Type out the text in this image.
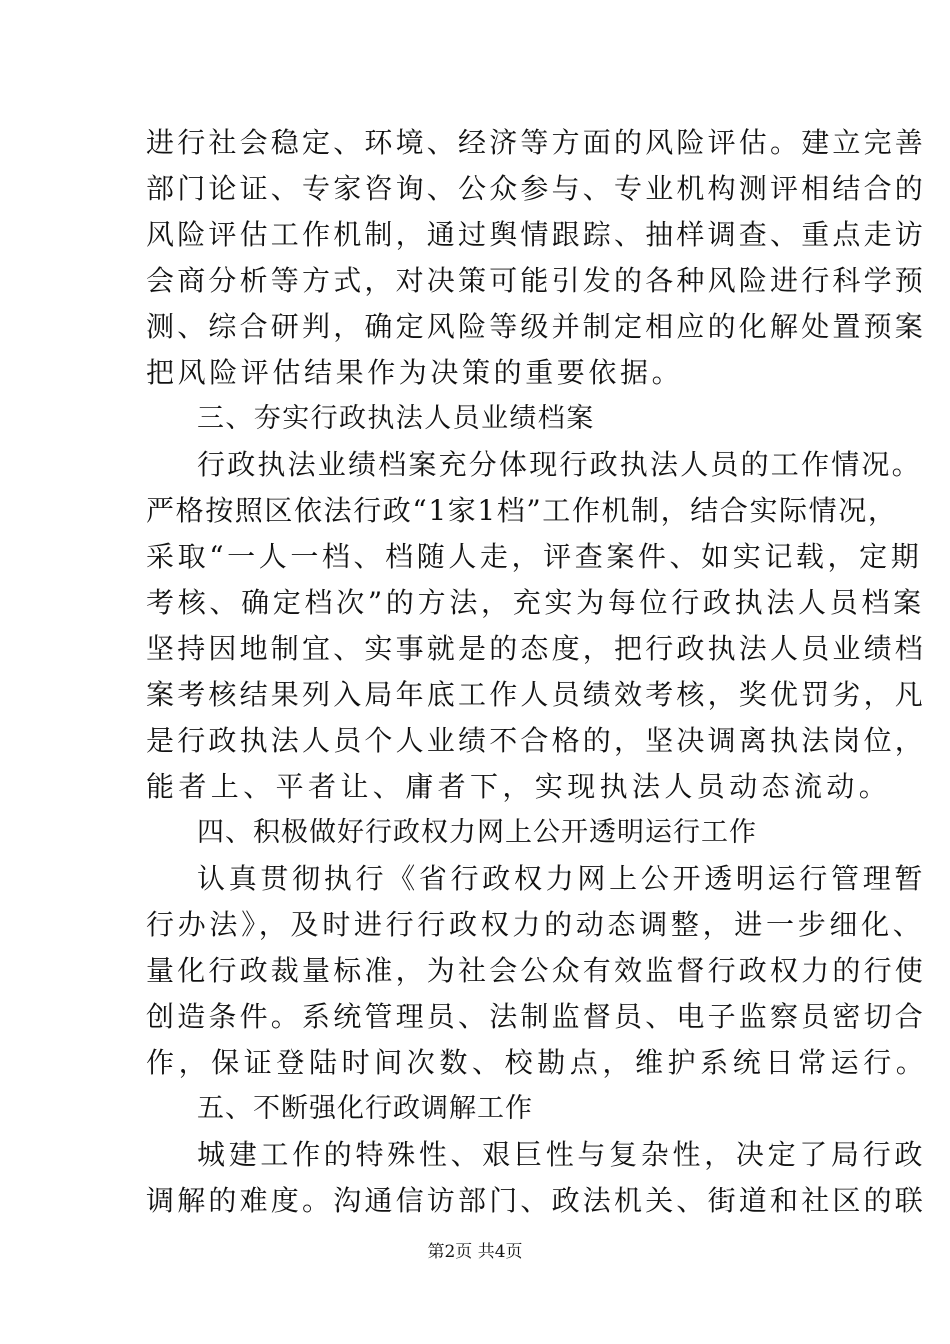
进行社会稳定、环境、经济等方面的风险评估。建立完善
部门论证、专家咨询、公众参与、专业机构测评相结合的
风险评估工作机制，通过舆情跟踪、抽样调查、重点走访
会商分析等方式，对决策可能引发的各种风险进行科学预
测、综合研判，确定风险等级并制定相应的化解处置预案
把风险评估结果作为决策的重要依据。
三、夯实行政执法人员业绩档案
行政执法业绩档案充分体现行政执法人员的工作情况。
严格按照区依法行政“1家1档”工作机制，结合实际情况，
采取“一人一档、档随人走，评查案件、如实记载，定期
考核、确定档次”的方法，充实为每位行政执法人员档案
坚持因地制宜、实事就是的态度，把行政执法人员业绩档
案考核结果列入局年底工作人员绩效考核，奖优罚劣，凡
是行政执法人员个人业绩不合格的，坚决调离执法岗位，
能者上、平者让、庸者下，实现执法人员动态流动。
四、积极做好行政权力网上公开透明运行工作
认真贯彻执行《省行政权力网上公开透明运行管理暂
行办法》，及时进行行政权力的动态调整，进一步细化、
量化行政裁量标准，为社会公众有效监督行政权力的行使
创造条件。系统管理员、法制监督员、电子监察员密切合
作，保证登陆时间次数、校勘点，维护系统日常运行。
五、不断强化行政调解工作
城建工作的特殊性、艰巨性与复杂性，决定了局行政
调解的难度。沟通信访部门、政法机关、街道和社区的联
第2页 共4页
